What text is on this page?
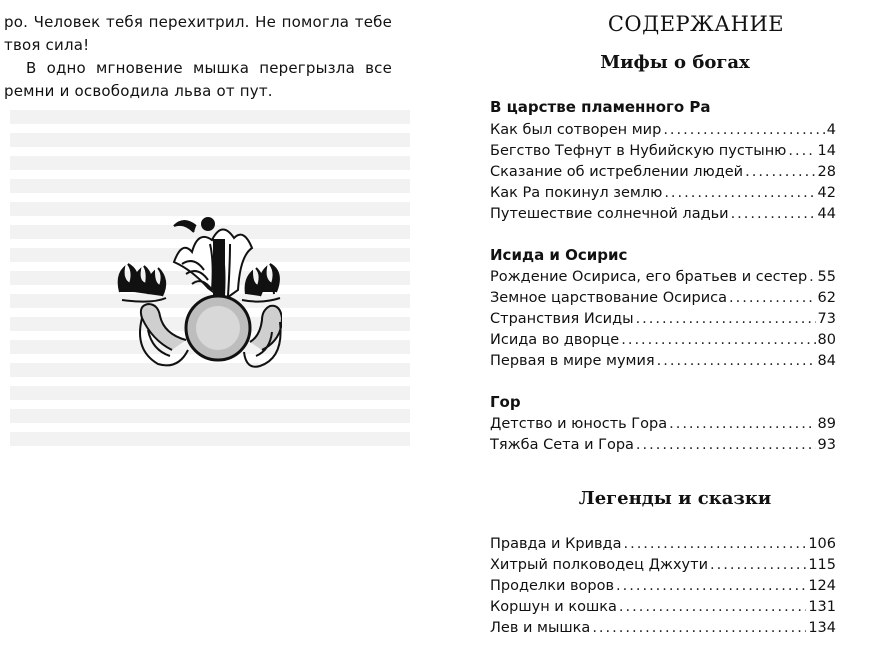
ро. Человек тебя перехитрил. Не помогла тебе твоя сила!

В одно мгновение мышка перегрызла все ремни и освободила льва от пут.

СОДЕРЖАНИЕ
Мифы о богах
В царстве пламенного Ра
Как был сотворен мир .....	4
Бегство Тефнут в Нубийскую пустыню ..... 14
Сказание об истреблении людей .....	28
Как Ра покинул землю .....	42
Путешествие солнечной ладьи .....	44
Исида и Осирис
Рождение Осириса, его братьев и сестер ..... 55
Земное царствование Осириса .....	62
Странствия Исиды .....	73
Исида во дворце .....	80
Первая в мире мумия .....	84
Гор
Детство и юность Гора .....	89
Тяжба Сета и Гора .....	93
Легенды и сказки
Правда и Кривда .....	106
Хитрый полководец Джхути .....	115
Проделки воров .....	124
Коршун и кошка .....	131
Лев и мышка .....	134
